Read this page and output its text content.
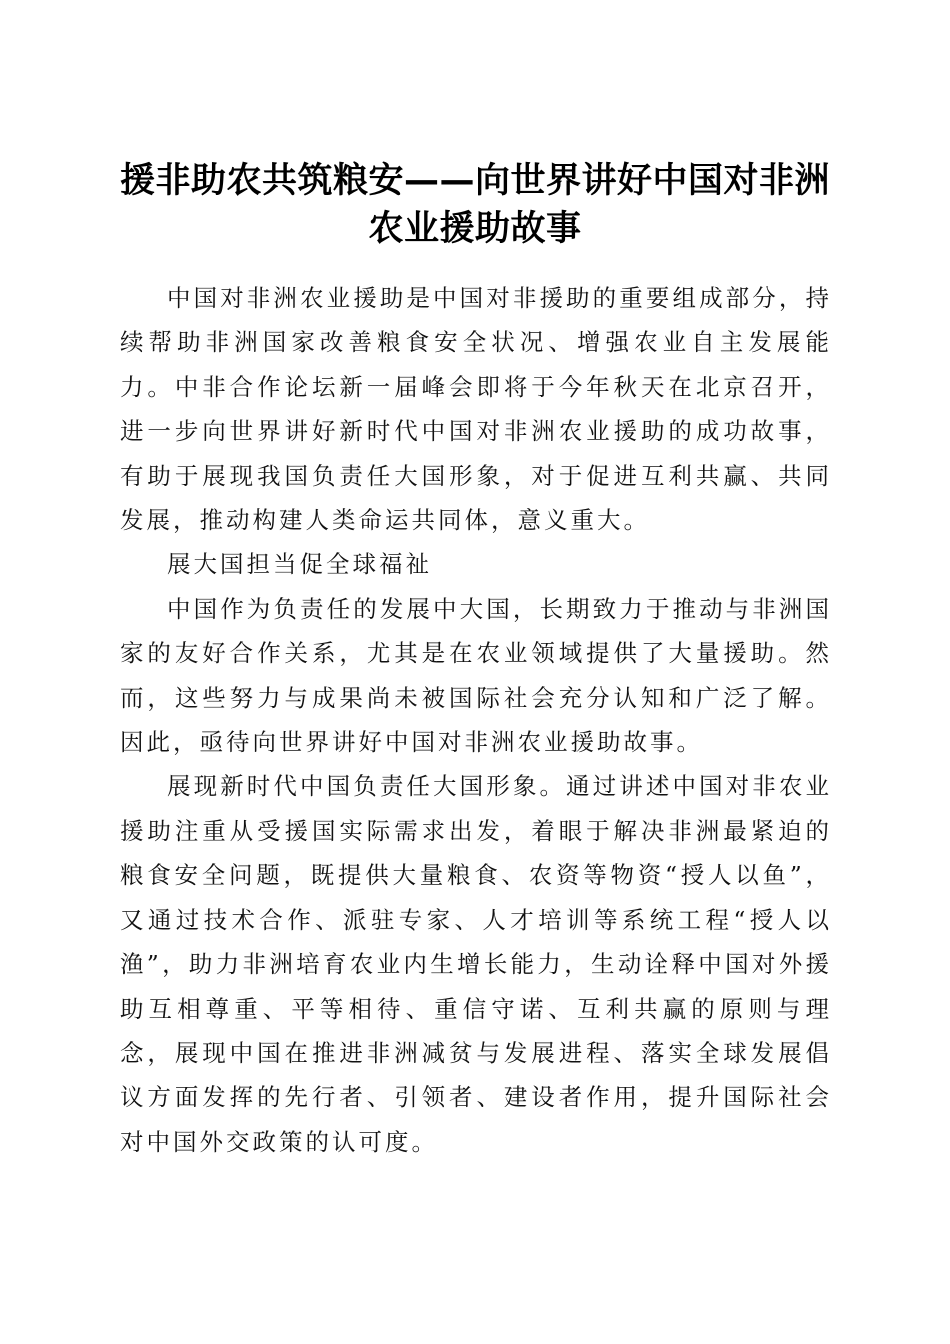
援非助农共筑粮安——向世界讲好中国对非洲
农业援助故事

中国对非洲农业援助是中国对非援助的重要组成部分，持续帮助非洲国家改善粮食安全状况、增强农业自主发展能力。中非合作论坛新一届峰会即将于今年秋天在北京召开，进一步向世界讲好新时代中国对非洲农业援助的成功故事，有助于展现我国负责任大国形象，对于促进互利共赢、共同发展，推动构建人类命运共同体，意义重大。

展大国担当促全球福祉

中国作为负责任的发展中大国，长期致力于推动与非洲国家的友好合作关系，尤其是在农业领域提供了大量援助。然而，这些努力与成果尚未被国际社会充分认知和广泛了解。因此，亟待向世界讲好中国对非洲农业援助故事。

展现新时代中国负责任大国形象。通过讲述中国对非农业援助注重从受援国实际需求出发，着眼于解决非洲最紧迫的粮食安全问题，既提供大量粮食、农资等物资“授人以鱼”，又通过技术合作、派驻专家、人才培训等系统工程“授人以渔”，助力非洲培育农业内生增长能力，生动诠释中国对外援助互相尊重、平等相待、重信守诺、互利共赢的原则与理念，展现中国在推进非洲减贫与发展进程、落实全球发展倡议方面发挥的先行者、引领者、建设者作用，提升国际社会对中国外交政策的认可度。
